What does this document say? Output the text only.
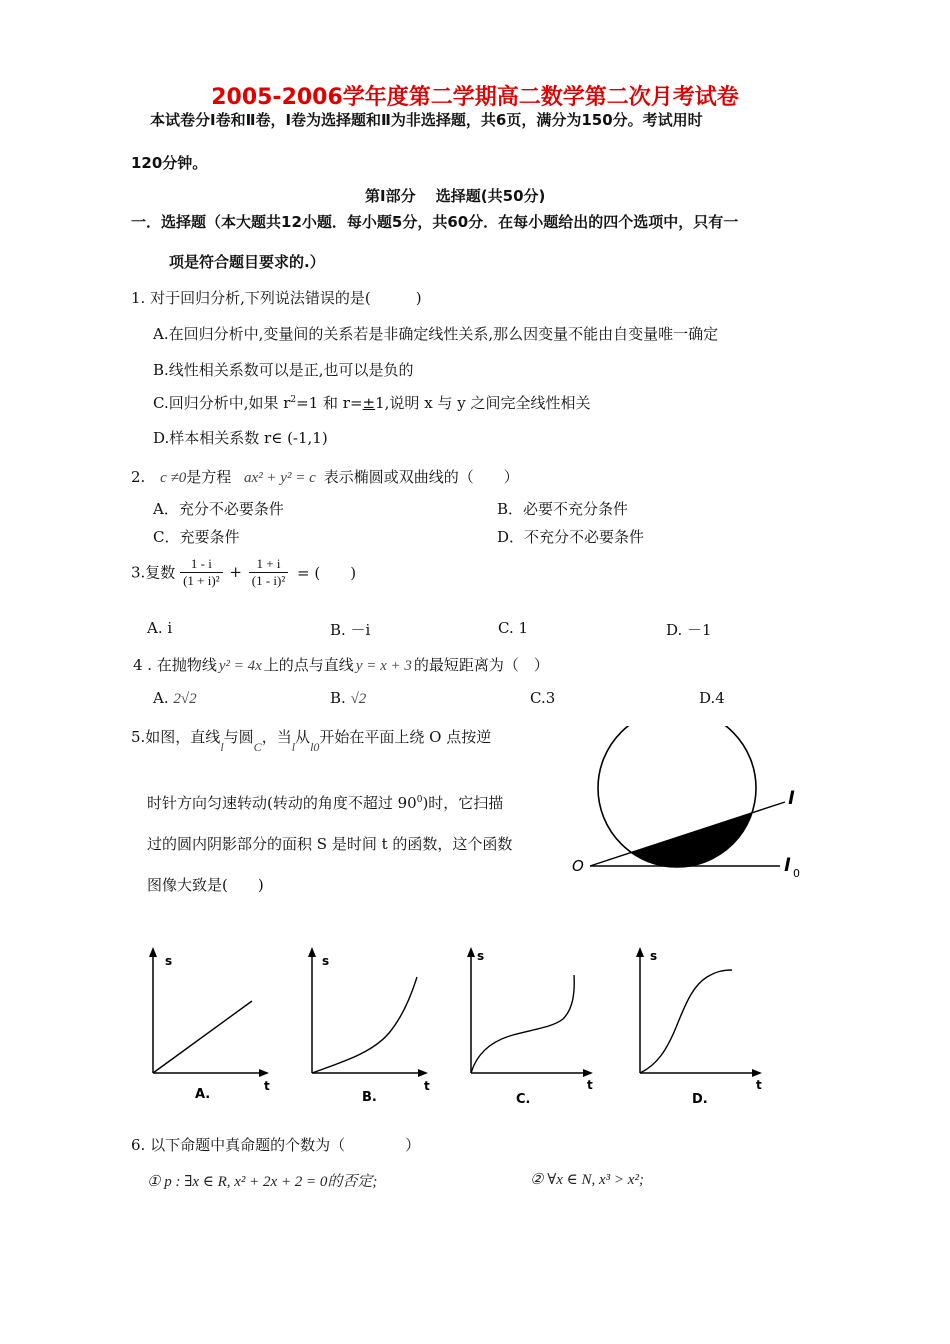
2005-2006学年度第二学期高二数学第二次月考试卷
本试卷分Ⅰ卷和Ⅱ卷，Ⅰ卷为选择题和Ⅱ为非选择题，共6页，满分为150分。考试用时
120分钟。
第Ⅰ部分　 选择题(共50分)
一．选择题（本大题共12小题．每小题5分，共60分．在每小题给出的四个选项中，只有一
项是符合题目要求的.）
1. 对于回归分析,下列说法错误的是(　　　)
A.在回归分析中,变量间的关系若是非确定线性关系,那么因变量不能由自变量唯一确定
B.线性相关系数可以是正,也可以是负的
C.回归分析中,如果 $r^2=1$ 和 r=±1,说明 x 与 y 之间完全线性相关
D.样本相关系数 r∈ (-1,1)
2. c ≠0是方程 ax² + y² = c 表示椭圆或双曲线的（　　）
A．充分不必要条件	B．必要不充分条件
C．充要条件	D．不充分不必要条件
3.复数 $\frac{1 - i}{\text{(1 + i)²}} + \frac{1 + i}{\text{(1 - i)²}}$ = (　　)
A. i	B. －i	C. 1	D. －1
4 . 在抛物线 y² = 4x 上的点与直线 y = x + 3 的最短距离为（　）
A. 2√2	B. √2	C.3	D.4
5.如图，直线$_l$与圆$_C$，当$_l$从$_{l0}$开始在平面上绕 O 点按逆
时针方向匀速转动(转动的角度不超过 $90^0$)时，它扫描
过的圆内阴影部分的面积 S 是时间 t 的函数，这个函数
图像大致是(　　)
O
l
l 0
s
t
A.
s
t
B.
s
t
C.
s
t
D.
6. 以下命题中真命题的个数为（　　　　）
① p : ∃x ∈ R, x² + 2x + 2 = 0的否定;	② ∀x ∈ N, x³ > x²;
